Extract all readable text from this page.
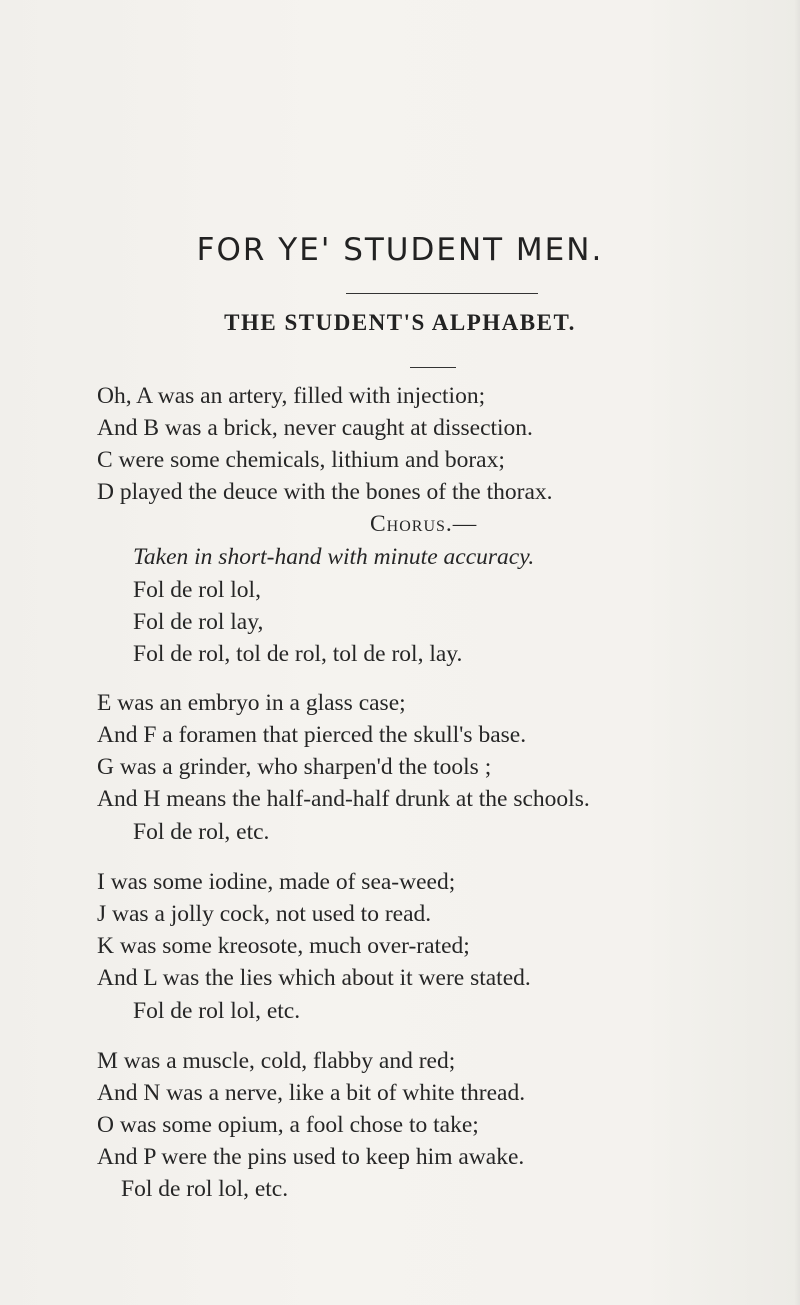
FOR YE' STUDENT MEN.
THE STUDENT'S ALPHABET.

Oh, A was an artery, filled with injection;

And B was a brick, never caught at dissection.

C were some chemicals, lithium and borax;

D played the deuce with the bones of the thorax.

Chorus.—

Taken in short-hand with minute accuracy.

Fol de rol lol,

Fol de rol lay,

Fol de rol, tol de rol, tol de rol, lay.

E was an embryo in a glass case;

And F a foramen that pierced the skull's base.

G was a grinder, who sharpen'd the tools ;

And H means the half-and-half drunk at the schools.

Fol de rol, etc.

I was some iodine, made of sea-weed;

J was a jolly cock, not used to read.

K was some kreosote, much over-rated;

And L was the lies which about it were stated.

Fol de rol lol, etc.

M was a muscle, cold, flabby and red;

And N was a nerve, like a bit of white thread.

O was some opium, a fool chose to take;

And P were the pins used to keep him awake.

Fol de rol lol, etc.
